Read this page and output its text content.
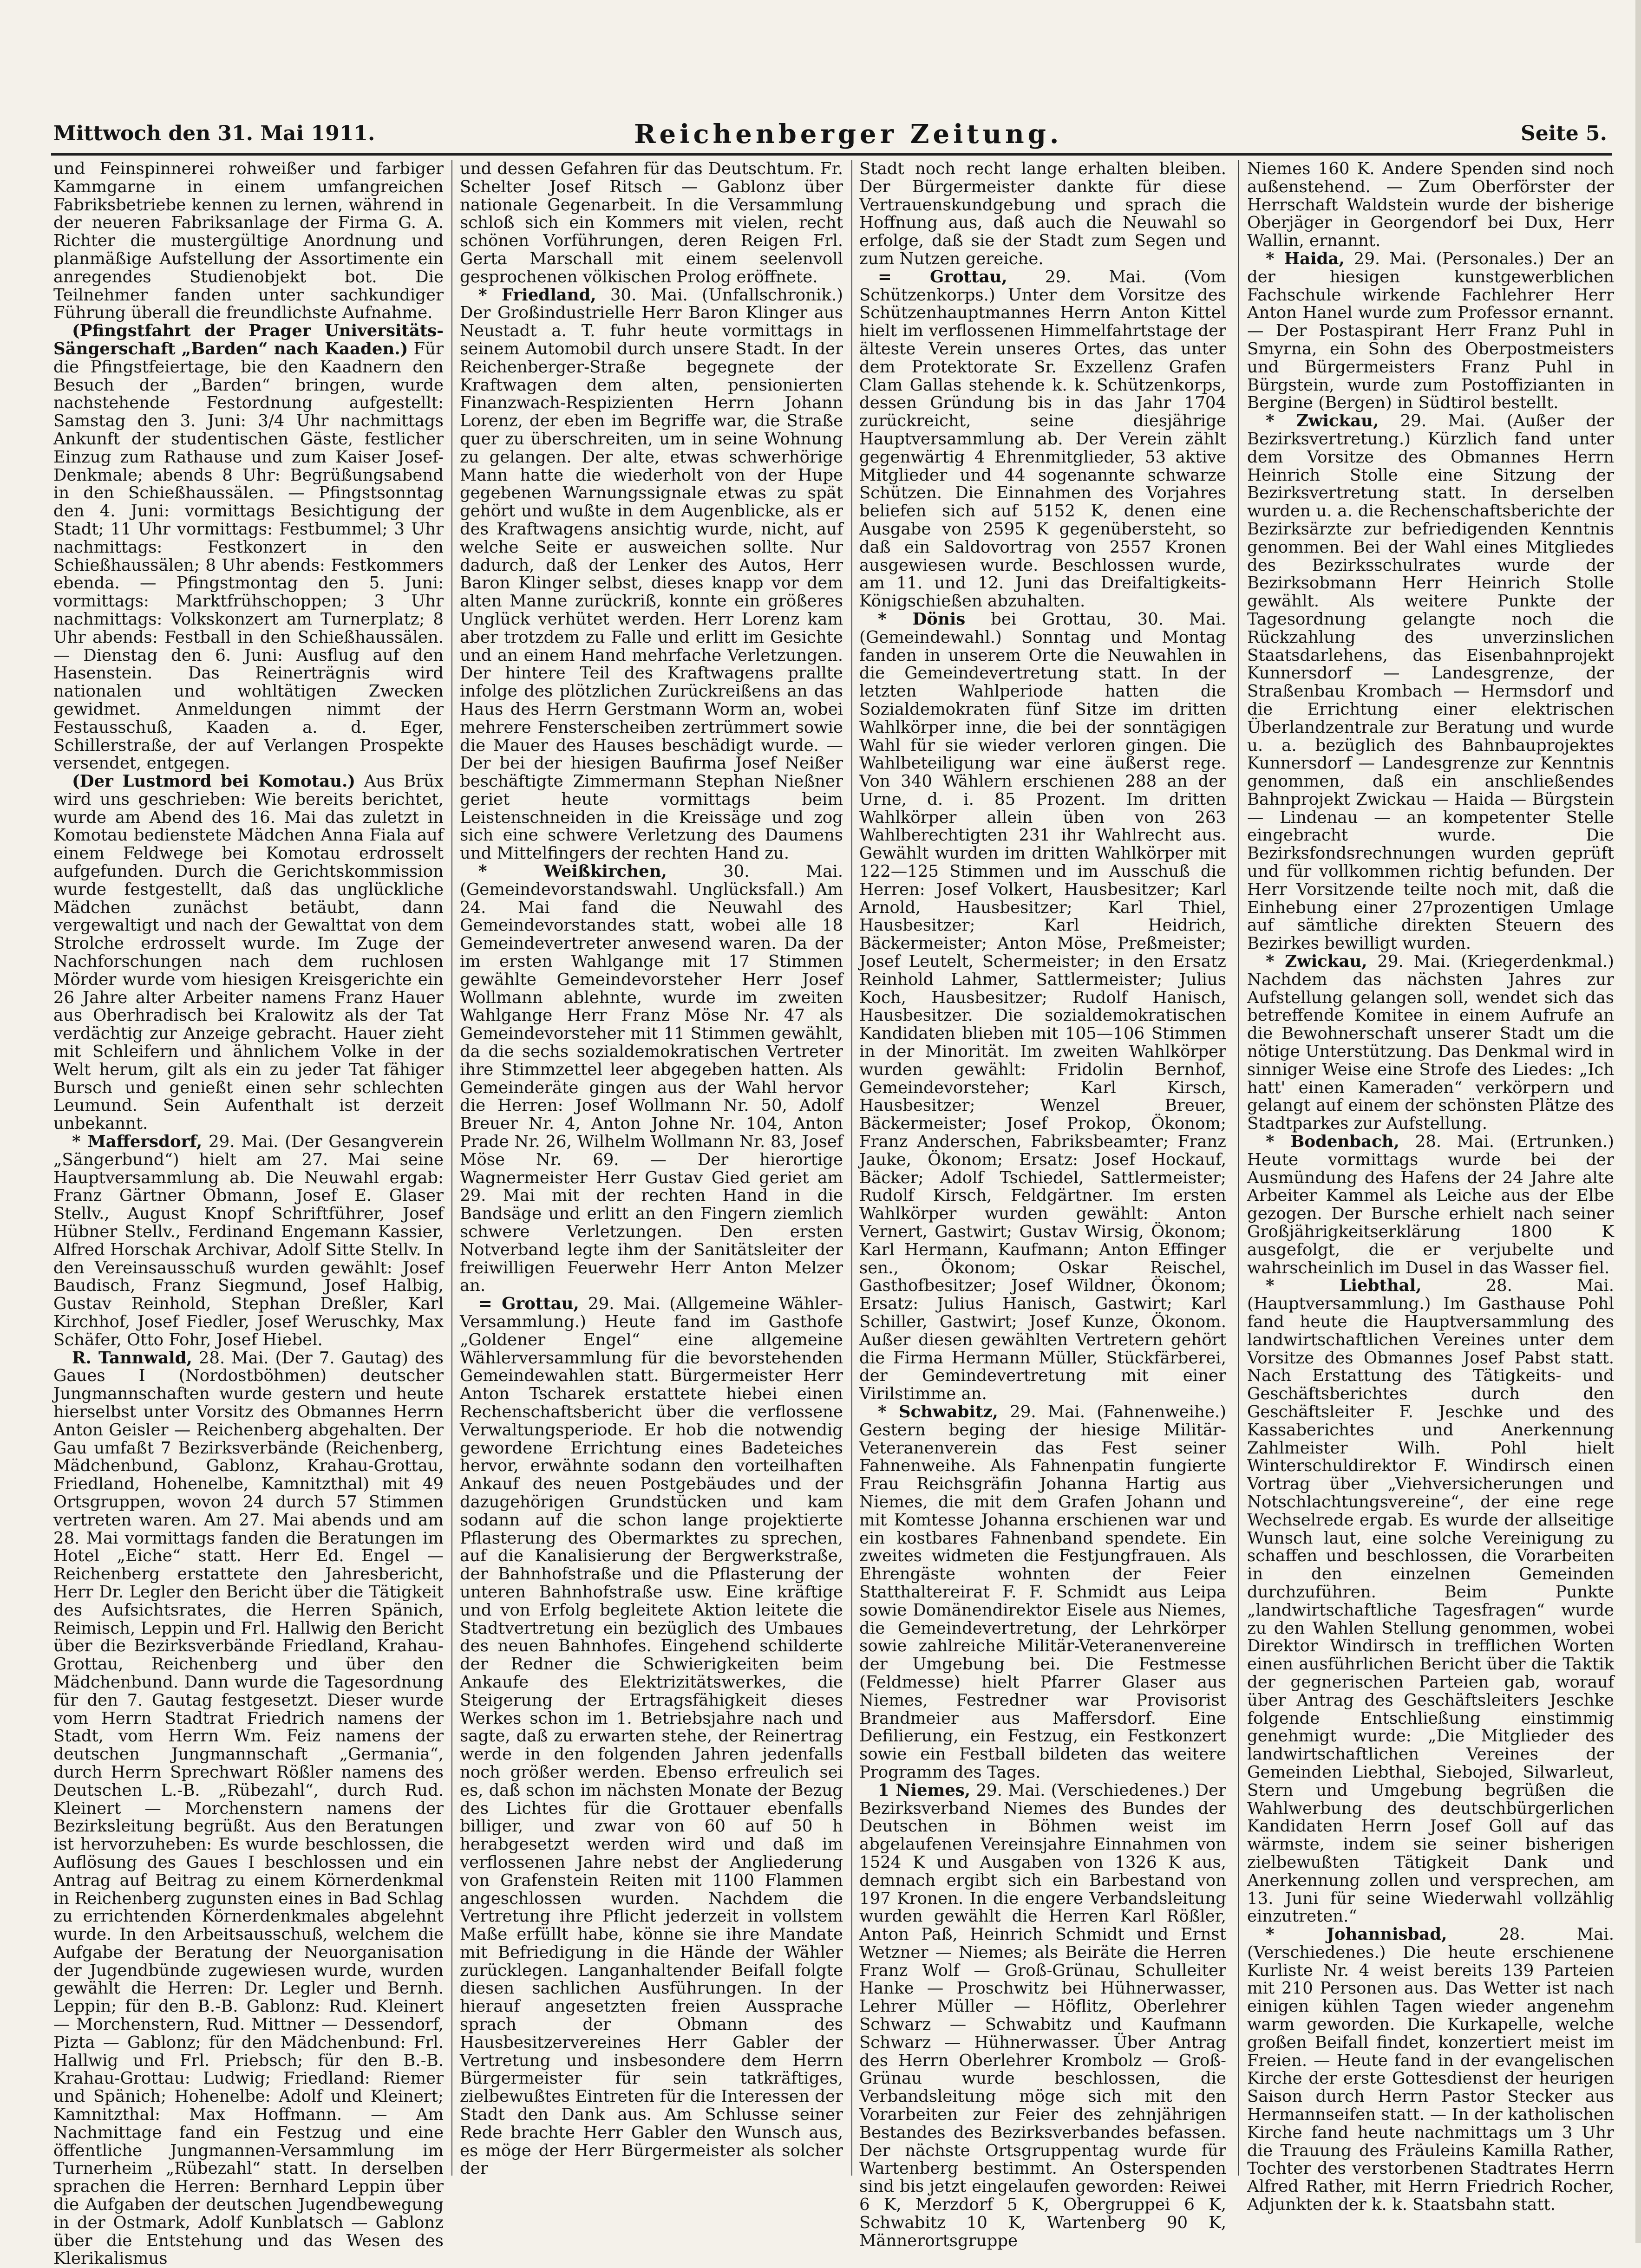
Mittwoch den 31. Mai 1911.	Reichenberger Zeitung.	Seite 5.

und Feinspinnerei rohweißer und farbiger Kammgarne in einem umfangreichen Fabriksbetriebe kennen zu lernen, während in der neueren Fabriksanlage der Firma G. A. Richter die mustergültige Anordnung und planmäßige Aufstellung der Assortimente ein anregendes Studienobjekt bot. Die Teilnehmer fanden unter sachkundiger Führung überall die freundlichste Aufnahme.

(Pfingstfahrt der Prager Universitäts-Sängerschaft „Barden“ nach Kaaden.) Für die Pfingstfeiertage, bie den Kaadnern den Besuch der „Barden“ bringen, wurde nachstehende Festordnung aufgestellt: Samstag den 3. Juni: 3/4 Uhr nachmittags Ankunft der studentischen Gäste, festlicher Einzug zum Rathause und zum Kaiser Josef-Denkmale; abends 8 Uhr: Begrüßungsabend in den Schießhaussälen. — Pfingstsonntag den 4. Juni: vormittags Besichtigung der Stadt; 11 Uhr vormittags: Festbummel; 3 Uhr nachmittags: Festkonzert in den Schießhaussälen; 8 Uhr abends: Festkommers ebenda. — Pfingstmontag den 5. Juni: vormittags: Marktfrühschoppen; 3 Uhr nachmittags: Volkskonzert am Turnerplatz; 8 Uhr abends: Festball in den Schießhaussälen. — Dienstag den 6. Juni: Ausflug auf den Hasenstein. Das Reinerträgnis wird nationalen und wohltätigen Zwecken gewidmet. Anmeldungen nimmt der Festausschuß, Kaaden a. d. Eger, Schillerstraße, der auf Verlangen Prospekte versendet, entgegen.

(Der Lustmord bei Komotau.) Aus Brüx wird uns geschrieben: Wie bereits berichtet, wurde am Abend des 16. Mai das zuletzt in Komotau bedienstete Mädchen Anna Fiala auf einem Feldwege bei Komotau erdrosselt aufgefunden. Durch die Gerichtskommission wurde festgestellt, daß das unglückliche Mädchen zunächst betäubt, dann vergewaltigt und nach der Gewalttat von dem Strolche erdrosselt wurde. Im Zuge der Nachforschungen nach dem ruchlosen Mörder wurde vom hiesigen Kreisgerichte ein 26 Jahre alter Arbeiter namens Franz Hauer aus Oberhradisch bei Kralowitz als der Tat verdächtig zur Anzeige gebracht. Hauer zieht mit Schleifern und ähnlichem Volke in der Welt herum, gilt als ein zu jeder Tat fähiger Bursch und genießt einen sehr schlechten Leumund. Sein Aufenthalt ist derzeit unbekannt.

* Maffersdorf, 29. Mai. (Der Gesangverein „Sängerbund“) hielt am 27. Mai seine Hauptversammlung ab. Die Neuwahl ergab: Franz Gärtner Obmann, Josef E. Glaser Stellv., August Knopf Schriftführer, Josef Hübner Stellv., Ferdinand Engemann Kassier, Alfred Horschak Archivar, Adolf Sitte Stellv. In den Vereinsausschuß wurden gewählt: Josef Baudisch, Franz Siegmund, Josef Halbig, Gustav Reinhold, Stephan Dreßler, Karl Kirchhof, Josef Fiedler, Josef Weruschky, Max Schäfer, Otto Fohr, Josef Hiebel.

R. Tannwald, 28. Mai. (Der 7. Gautag) des Gaues I (Nordostböhmen) deutscher Jungmannschaften wurde gestern und heute hierselbst unter Vorsitz des Obmannes Herrn Anton Geisler — Reichenberg abgehalten. Der Gau umfaßt 7 Bezirksverbände (Reichenberg, Mädchenbund, Gablonz, Krahau-Grottau, Friedland, Hohenelbe, Kamnitzthal) mit 49 Ortsgruppen, wovon 24 durch 57 Stimmen vertreten waren. Am 27. Mai abends und am 28. Mai vormittags fanden die Beratungen im Hotel „Eiche“ statt. Herr Ed. Engel — Reichenberg erstattete den Jahresbericht, Herr Dr. Legler den Bericht über die Tätigkeit des Aufsichtsrates, die Herren Spänich, Reimisch, Leppin und Frl. Hallwig den Bericht über die Bezirksverbände Friedland, Krahau-Grottau, Reichenberg und über den Mädchenbund. Dann wurde die Tagesordnung für den 7. Gautag festgesetzt. Dieser wurde vom Herrn Stadtrat Friedrich namens der Stadt, vom Herrn Wm. Feiz namens der deutschen Jungmannschaft „Germania“, durch Herrn Sprechwart Rößler namens des Deutschen L.-B. „Rübezahl“, durch Rud. Kleinert — Morchenstern namens der Bezirksleitung begrüßt. Aus den Beratungen ist hervorzuheben: Es wurde beschlossen, die Auflösung des Gaues I beschlossen und ein Antrag auf Beitrag zu einem Körnerdenkmal in Reichenberg zugunsten eines in Bad Schlag zu errichtenden Körnerdenkmales abgelehnt wurde. In den Arbeitsausschuß, welchem die Aufgabe der Beratung der Neuorganisation der Jugendbünde zugewiesen wurde, wurden gewählt die Herren: Dr. Legler und Bernh. Leppin; für den B.-B. Gablonz: Rud. Kleinert — Morchenstern, Rud. Mittner — Dessendorf, Pizta — Gablonz; für den Mädchenbund: Frl. Hallwig und Frl. Priebsch; für den B.-B. Krahau-Grottau: Ludwig; Friedland: Riemer und Spänich; Hohenelbe: Adolf und Kleinert; Kamnitzthal: Max Hoffmann. — Am Nachmittage fand ein Festzug und eine öffentliche Jungmannen-Versammlung im Turnerheim „Rübezahl“ statt. In derselben sprachen die Herren: Bernhard Leppin über die Aufgaben der deutschen Jugendbewegung in der Ostmark, Adolf Kunblatsch — Gablonz über die Entstehung und das Wesen des Klerikalismus

und dessen Gefahren für das Deutschtum. Fr. Schelter Josef Ritsch — Gablonz über nationale Gegenarbeit. In die Versammlung schloß sich ein Kommers mit vielen, recht schönen Vorführungen, deren Reigen Frl. Gerta Marschall mit einem seelenvoll gesprochenen völkischen Prolog eröffnete.

* Friedland, 30. Mai. (Unfallschronik.) Der Großindustrielle Herr Baron Klinger aus Neustadt a. T. fuhr heute vormittags in seinem Automobil durch unsere Stadt. In der Reichenberger-Straße begegnete der Kraftwagen dem alten, pensionierten Finanzwach-Respizienten Herrn Johann Lorenz, der eben im Begriffe war, die Straße quer zu überschreiten, um in seine Wohnung zu gelangen. Der alte, etwas schwerhörige Mann hatte die wiederholt von der Hupe gegebenen Warnungssignale etwas zu spät gehört und wußte in dem Augenblicke, als er des Kraftwagens ansichtig wurde, nicht, auf welche Seite er ausweichen sollte. Nur dadurch, daß der Lenker des Autos, Herr Baron Klinger selbst, dieses knapp vor dem alten Manne zurückriß, konnte ein größeres Unglück verhütet werden. Herr Lorenz kam aber trotzdem zu Falle und erlitt im Gesichte und an einem Hand mehrfache Verletzungen. Der hintere Teil des Kraftwagens prallte infolge des plötzlichen Zurückreißens an das Haus des Herrn Gerstmann Worm an, wobei mehrere Fensterscheiben zertrümmert sowie die Mauer des Hauses beschädigt wurde. — Der bei der hiesigen Baufirma Josef Neißer beschäftigte Zimmermann Stephan Nießner geriet heute vormittags beim Leistenschneiden in die Kreissäge und zog sich eine schwere Verletzung des Daumens und Mittelfingers der rechten Hand zu.

* Weißkirchen,	30. Mai. (Gemeindevorstandswahl. Unglücksfall.) Am 24. Mai fand die Neuwahl des Gemeindevorstandes statt, wobei alle 18 Gemeindevertreter anwesend waren. Da der im ersten Wahlgange mit 17 Stimmen gewählte Gemeindevorsteher Herr Josef Wollmann ablehnte, wurde im zweiten Wahlgange Herr Franz Möse Nr. 47 als Gemeindevorsteher mit 11 Stimmen gewählt, da die sechs sozialdemokratischen Vertreter ihre Stimmzettel leer abgegeben hatten. Als Gemeinderäte gingen aus der Wahl hervor die Herren: Josef Wollmann Nr. 50, Adolf Breuer Nr. 4, Anton Johne Nr. 104, Anton Prade Nr. 26, Wilhelm Wollmann Nr. 83, Josef Möse Nr. 69. — Der hierortige Wagnermeister Herr Gustav Gied geriet am 29. Mai mit der rechten Hand in die Bandsäge und erlitt an den Fingern ziemlich schwere Verletzungen. Den ersten Notverband legte ihm der Sanitätsleiter der freiwilligen Feuerwehr Herr Anton Melzer an.

= Grottau, 29. Mai. (Allgemeine Wähler-Versammlung.) Heute fand im Gasthofe „Goldener Engel“ eine allgemeine Wählerversammlung für die bevorstehenden Gemeindewahlen statt. Bürgermeister Herr Anton Tscharek erstattete hiebei einen Rechenschaftsbericht über die verflossene Verwaltungsperiode. Er hob die notwendig gewordene Errichtung eines Badeteiches hervor, erwähnte sodann den vorteilhaften Ankauf des neuen Postgebäudes und der dazugehörigen Grundstücken und kam sodann auf die schon lange projektierte Pflasterung des Obermarktes zu sprechen, auf die Kanalisierung der Bergwerkstraße, der Bahnhofstraße und die Pflasterung der unteren Bahnhofstraße usw. Eine kräftige und von Erfolg begleitete Aktion leitete die Stadtvertretung ein bezüglich des Umbaues des neuen Bahnhofes. Eingehend schilderte der Redner die Schwierigkeiten beim Ankaufe des Elektrizitätswerkes, die Steigerung der Ertragsfähigkeit dieses Werkes schon im 1. Betriebsjahre nach und sagte, daß zu erwarten stehe, der Reinertrag werde in den folgenden Jahren jedenfalls noch größer werden. Ebenso erfreulich sei es, daß schon im nächsten Monate der Bezug des Lichtes für die Grottauer ebenfalls billiger, und zwar von 60 auf 50 h herabgesetzt werden wird und daß im verflossenen Jahre nebst der Angliederung von Grafenstein Reiten mit 1100 Flammen angeschlossen wurden. Nachdem die Vertretung ihre Pflicht jederzeit in vollstem Maße erfüllt habe, könne sie ihre Mandate mit Befriedigung in die Hände der Wähler zurücklegen. Langanhaltender Beifall folgte diesen sachlichen Ausführungen. In der hierauf angesetzten freien Aussprache sprach der Obmann des Hausbesitzervereines Herr Gabler der Vertretung und insbesondere dem Herrn Bürgermeister für sein tatkräftiges, zielbewußtes Eintreten für die Interessen der Stadt den Dank aus. Am Schlusse seiner Rede brachte Herr Gabler den Wunsch aus, es möge der Herr Bürgermeister als solcher der

Stadt noch recht lange erhalten bleiben. Der Bürgermeister dankte für diese Vertrauenskundgebung und sprach die Hoffnung aus, daß auch die Neuwahl so erfolge, daß sie der Stadt zum Segen und zum Nutzen gereiche.

= Grottau, 29. Mai. (Vom Schützenkorps.) Unter dem Vorsitze des Schützenhauptmannes Herrn Anton Kittel hielt im verflossenen Himmelfahrtstage der älteste Verein unseres Ortes, das unter dem Protektorate Sr. Exzellenz Grafen Clam Gallas stehende k. k. Schützenkorps, dessen Gründung bis in das Jahr 1704 zurückreicht, seine diesjährige Hauptversammlung ab. Der Verein zählt gegenwärtig 4 Ehrenmitglieder, 53 aktive Mitglieder und 44 sogenannte schwarze Schützen. Die Einnahmen des Vorjahres beliefen sich auf 5152 K, denen eine Ausgabe von 2595 K gegenübersteht, so daß ein Saldovortrag von 2557 Kronen ausgewiesen wurde. Beschlossen wurde, am 11. und 12. Juni das Dreifaltigkeits-Königschießen abzuhalten.

* Dönis bei Grottau, 30. Mai. (Gemeindewahl.) Sonntag und Montag fanden in unserem Orte die Neuwahlen in die Gemeindevertretung statt. In der letzten Wahlperiode hatten die Sozialdemokraten fünf Sitze im dritten Wahlkörper inne, die bei der sonntägigen Wahl für sie wieder verloren gingen. Die Wahlbeteiligung war eine äußerst rege. Von 340 Wählern erschienen 288 an der Urne, d. i. 85 Prozent. Im dritten Wahlkörper allein üben von 263 Wahlberechtigten 231 ihr Wahlrecht aus. Gewählt wurden im dritten Wahlkörper mit 122—125 Stimmen und im Ausschuß die Herren: Josef Volkert, Hausbesitzer; Karl Arnold, Hausbesitzer; Karl Thiel, Hausbesitzer; Karl Heidrich, Bäckermeister; Anton Möse, Preßmeister; Josef Leutelt, Schermeister; in den Ersatz Reinhold Lahmer, Sattlermeister; Julius Koch, Hausbesitzer; Rudolf Hanisch, Hausbesitzer. Die sozialdemokratischen Kandidaten blieben mit 105—106 Stimmen in der Minorität. Im zweiten Wahlkörper wurden gewählt: Fridolin Bernhof, Gemeindevorsteher; Karl Kirsch, Hausbesitzer; Wenzel Breuer, Bäckermeister; Josef Prokop, Ökonom; Franz Anderschen, Fabriksbeamter; Franz Jauke, Ökonom; Ersatz: Josef Hockauf, Bäcker; Adolf Tschiedel, Sattlermeister; Rudolf Kirsch, Feldgärtner. Im ersten Wahlkörper wurden gewählt: Anton Vernert, Gastwirt; Gustav Wirsig, Ökonom; Karl Hermann, Kaufmann; Anton Effinger sen., Ökonom; Oskar Reischel, Gasthofbesitzer; Josef Wildner, Ökonom; Ersatz: Julius Hanisch, Gastwirt; Karl Schiller, Gastwirt; Josef Kunze, Ökonom. Außer diesen gewählten Vertretern gehört die Firma Hermann Müller, Stückfärberei, der Gemindevertretung mit einer Virilstimme an.

* Schwabitz, 29. Mai. (Fahnenweihe.) Gestern beging der hiesige Militär-Veteranenverein das Fest seiner Fahnenweihe. Als Fahnenpatin fungierte Frau Reichsgräfin Johanna Hartig aus Niemes, die mit dem Grafen Johann und mit Komtesse Johanna erschienen war und ein kostbares Fahnenband spendete. Ein zweites widmeten die Festjungfrauen. Als Ehrengäste wohnten der Feier Statthaltereirat F. F. Schmidt aus Leipa sowie Domänendirektor Eisele aus Niemes, die Gemeindevertretung, der Lehrkörper sowie zahlreiche Militär-Veteranenvereine der Umgebung bei. Die Festmesse (Feldmesse) hielt Pfarrer Glaser aus Niemes, Festredner war Provisorist Brandmeier aus Maffersdorf. Eine Defilierung, ein Festzug, ein Festkonzert sowie ein Festball bildeten das weitere Programm des Tages.

1 Niemes, 29. Mai. (Verschiedenes.) Der Bezirksverband Niemes des Bundes der Deutschen in Böhmen weist im abgelaufenen Vereinsjahre Einnahmen von 1524 K und Ausgaben von 1326 K aus, demnach ergibt sich ein Barbestand von 197 Kronen. In die engere Verbandsleitung wurden gewählt die Herren Karl Rößler, Anton Paß, Heinrich Schmidt und Ernst Wetzner — Niemes; als Beiräte die Herren Franz Wolf — Groß-Grünau, Schulleiter Hanke — Proschwitz bei Hühnerwasser, Lehrer Müller — Höflitz, Oberlehrer Schwarz — Schwabitz und Kaufmann Schwarz — Hühnerwasser. Über Antrag des Herrn Oberlehrer Krombolz — Groß-Grünau wurde beschlossen, die Verbandsleitung möge sich mit den Vorarbeiten zur Feier des zehnjährigen Bestandes des Bezirksverbandes befassen. Der nächste Ortsgruppentag wurde für Wartenberg bestimmt. An Osterspenden sind bis jetzt eingelaufen geworden: Reiwei 6 K, Merzdorf 5 K, Obergruppei 6 K, Schwabitz 10 K, Wartenberg 90 K, Männerortsgruppe

Niemes 160 K. Andere Spenden sind noch außenstehend. — Zum Oberförster der Herrschaft Waldstein wurde der bisherige Oberjäger in Georgendorf bei Dux, Herr Wallin, ernannt.

* Haida, 29. Mai. (Personales.) Der an der hiesigen kunstgewerblichen Fachschule wirkende Fachlehrer Herr Anton Hanel wurde zum Professor ernannt. — Der Postaspirant Herr Franz Puhl in Smyrna, ein Sohn des Oberpostmeisters und Bürgermeisters Franz Puhl in Bürgstein, wurde zum Postoffizianten in Bergine (Bergen) in Südtirol bestellt.

* Zwickau, 29. Mai. (Außer der Bezirksvertretung.) Kürzlich fand unter dem Vorsitze des Obmannes Herrn Heinrich Stolle eine Sitzung der Bezirksvertretung statt. In derselben wurden u. a. die Rechenschaftsberichte der Bezirksärzte zur befriedigenden Kenntnis genommen. Bei der Wahl eines Mitgliedes des Bezirksschulrates wurde der Bezirksobmann Herr Heinrich Stolle gewählt. Als weitere Punkte der Tagesordnung gelangte noch die Rückzahlung des unverzinslichen Staatsdarlehens, das Eisenbahnprojekt Kunnersdorf — Landesgrenze, der Straßenbau Krombach — Hermsdorf und die Errichtung einer elektrischen Überlandzentrale zur Beratung und wurde u. a. bezüglich des Bahnbauprojektes Kunnersdorf — Landesgrenze zur Kenntnis genommen, daß ein anschließendes Bahnprojekt Zwickau — Haida — Bürgstein — Lindenau — an kompetenter Stelle eingebracht wurde. Die Bezirksfondsrechnungen wurden geprüft und für vollkommen richtig befunden. Der Herr Vorsitzende teilte noch mit, daß die Einhebung einer 27prozentigen Umlage auf sämtliche direkten Steuern des Bezirkes bewilligt wurden.

* Zwickau, 29. Mai. (Kriegerdenkmal.) Nachdem das nächsten Jahres zur Aufstellung gelangen soll, wendet sich das betreffende Komitee in einem Aufrufe an die Bewohnerschaft unserer Stadt um die nötige Unterstützung. Das Denkmal wird in sinniger Weise eine Strofe des Liedes: „Ich hatt' einen Kameraden“ verkörpern und gelangt auf einem der schönsten Plätze des Stadtparkes zur Aufstellung.

* Bodenbach, 28. Mai. (Ertrunken.) Heute vormittags wurde bei der Ausmündung des Hafens der 24 Jahre alte Arbeiter Kammel als Leiche aus der Elbe gezogen. Der Bursche erhielt nach seiner Großjährigkeitserklärung 1800 K ausgefolgt, die er verjubelte und wahrscheinlich im Dusel in das Wasser fiel.

* Liebthal,	28. Mai. (Hauptversammlung.) Im Gasthause Pohl fand heute die Hauptversammlung des landwirtschaftlichen Vereines unter dem Vorsitze des Obmannes Josef Pabst statt. Nach Erstattung des Tätigkeits- und Geschäftsberichtes durch den Geschäftsleiter F. Jeschke und des Kassaberichtes und Anerkennung Zahlmeister Wilh. Pohl hielt Winterschuldirektor F. Windirsch einen Vortrag über „Viehversicherungen und Notschlachtungsvereine“, der eine rege Wechselrede ergab. Es wurde der allseitige Wunsch laut, eine solche Vereinigung zu schaffen und beschlossen, die Vorarbeiten in den einzelnen Gemeinden durchzuführen. Beim Punkte „landwirtschaftliche Tagesfragen“ wurde zu den Wahlen Stellung genommen, wobei Direktor Windirsch in trefflichen Worten einen ausführlichen Bericht über die Taktik der gegnerischen Parteien gab, worauf über Antrag des Geschäftsleiters Jeschke folgende Entschließung einstimmig genehmigt wurde: „Die Mitglieder des landwirtschaftlichen Vereines der Gemeinden Liebthal, Siebojed, Silwarleut, Stern und Umgebung begrüßen die Wahlwerbung des deutschbürgerlichen Kandidaten Herrn Josef Goll auf das wärmste, indem sie seiner bisherigen zielbewußten Tätigkeit Dank und Anerkennung zollen und versprechen, am 13. Juni für seine Wiederwahl vollzählig einzutreten.“

* Johannisbad,	28. Mai. (Verschiedenes.) Die heute erschienene Kurliste Nr. 4 weist bereits 139 Parteien mit 210 Personen aus. Das Wetter ist nach einigen kühlen Tagen wieder angenehm warm geworden. Die Kurkapelle, welche großen Beifall findet, konzertiert meist im Freien. — Heute fand in der evangelischen Kirche der erste Gottesdienst der heurigen Saison durch Herrn Pastor Stecker aus Hermannseifen statt. — In der katholischen Kirche fand heute nachmittags um 3 Uhr die Trauung des Fräuleins Kamilla Rather, Tochter des verstorbenen Stadtrates Herrn Alfred Rather, mit Herrn Friedrich Rocher, Adjunkten der k. k. Staatsbahn statt.
